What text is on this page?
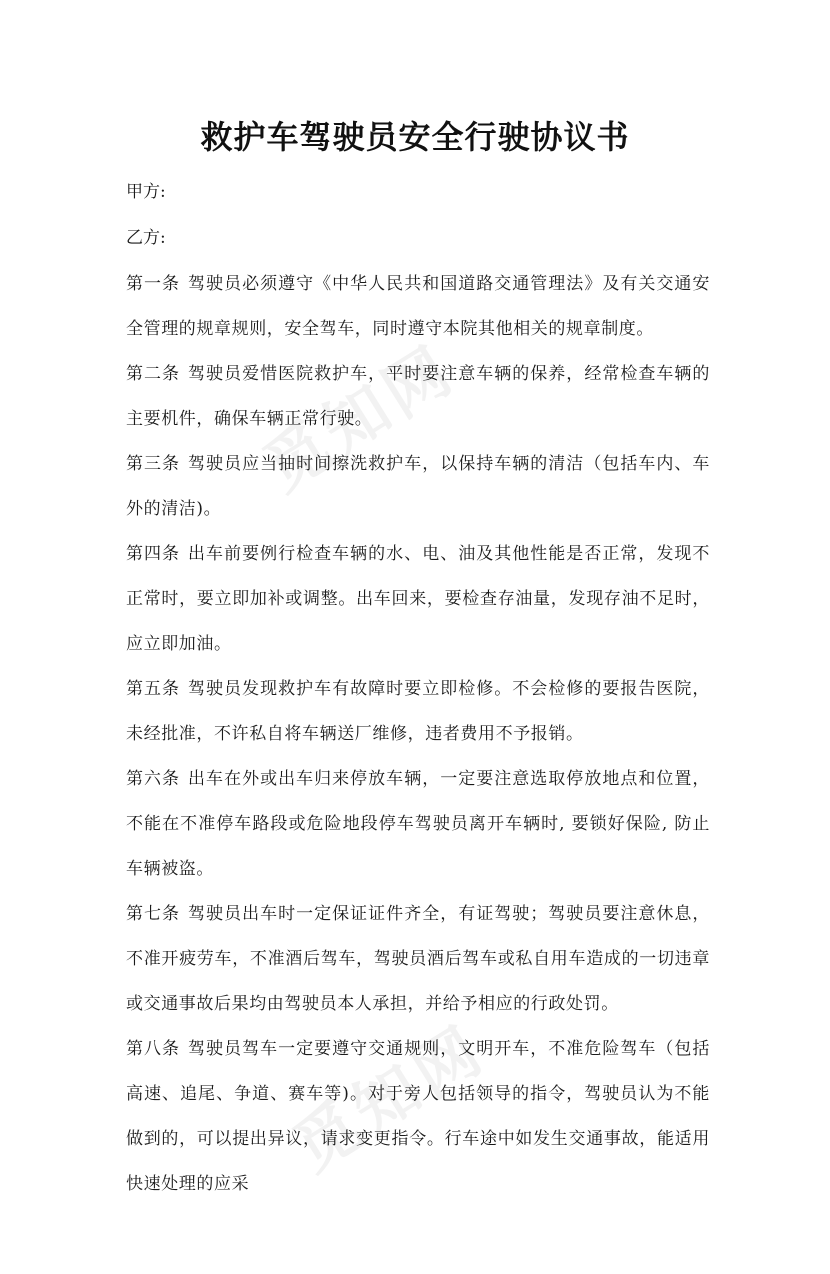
救护车驾驶员安全行驶协议书
甲方:
乙方:

第一条 驾驶员必须遵守《中华人民共和国道路交通管理法》及有关交通安全管理的规章规则，安全驾车，同时遵守本院其他相关的规章制度。

第二条 驾驶员爱惜医院救护车，平时要注意车辆的保养，经常检查车辆的主要机件，确保车辆正常行驶。

第三条 驾驶员应当抽时间擦洗救护车，以保持车辆的清洁（包括车内、车外的清洁)。

第四条 出车前要例行检查车辆的水、电、油及其他性能是否正常，发现不正常时，要立即加补或调整。出车回来，要检查存油量，发现存油不足时，应立即加油。

第五条 驾驶员发现救护车有故障时要立即检修。不会检修的要报告医院，未经批准，不许私自将车辆送厂维修，违者费用不予报销。

第六条 出车在外或出车归来停放车辆，一定要注意选取停放地点和位置，不能在不准停车路段或危险地段停车驾驶员离开车辆时, 要锁好保险, 防止车辆被盗。

第七条 驾驶员出车时一定保证证件齐全，有证驾驶；驾驶员要注意休息，不准开疲劳车，不准酒后驾车，驾驶员酒后驾车或私自用车造成的一切违章或交通事故后果均由驾驶员本人承担，并给予相应的行政处罚。

第八条 驾驶员驾车一定要遵守交通规则，文明开车，不准危险驾车（包括高速、追尾、争道、赛车等)。对于旁人包括领导的指令，驾驶员认为不能做到的，可以提出异议，请求变更指令。行车途中如发生交通事故，能适用快速处理的应采
